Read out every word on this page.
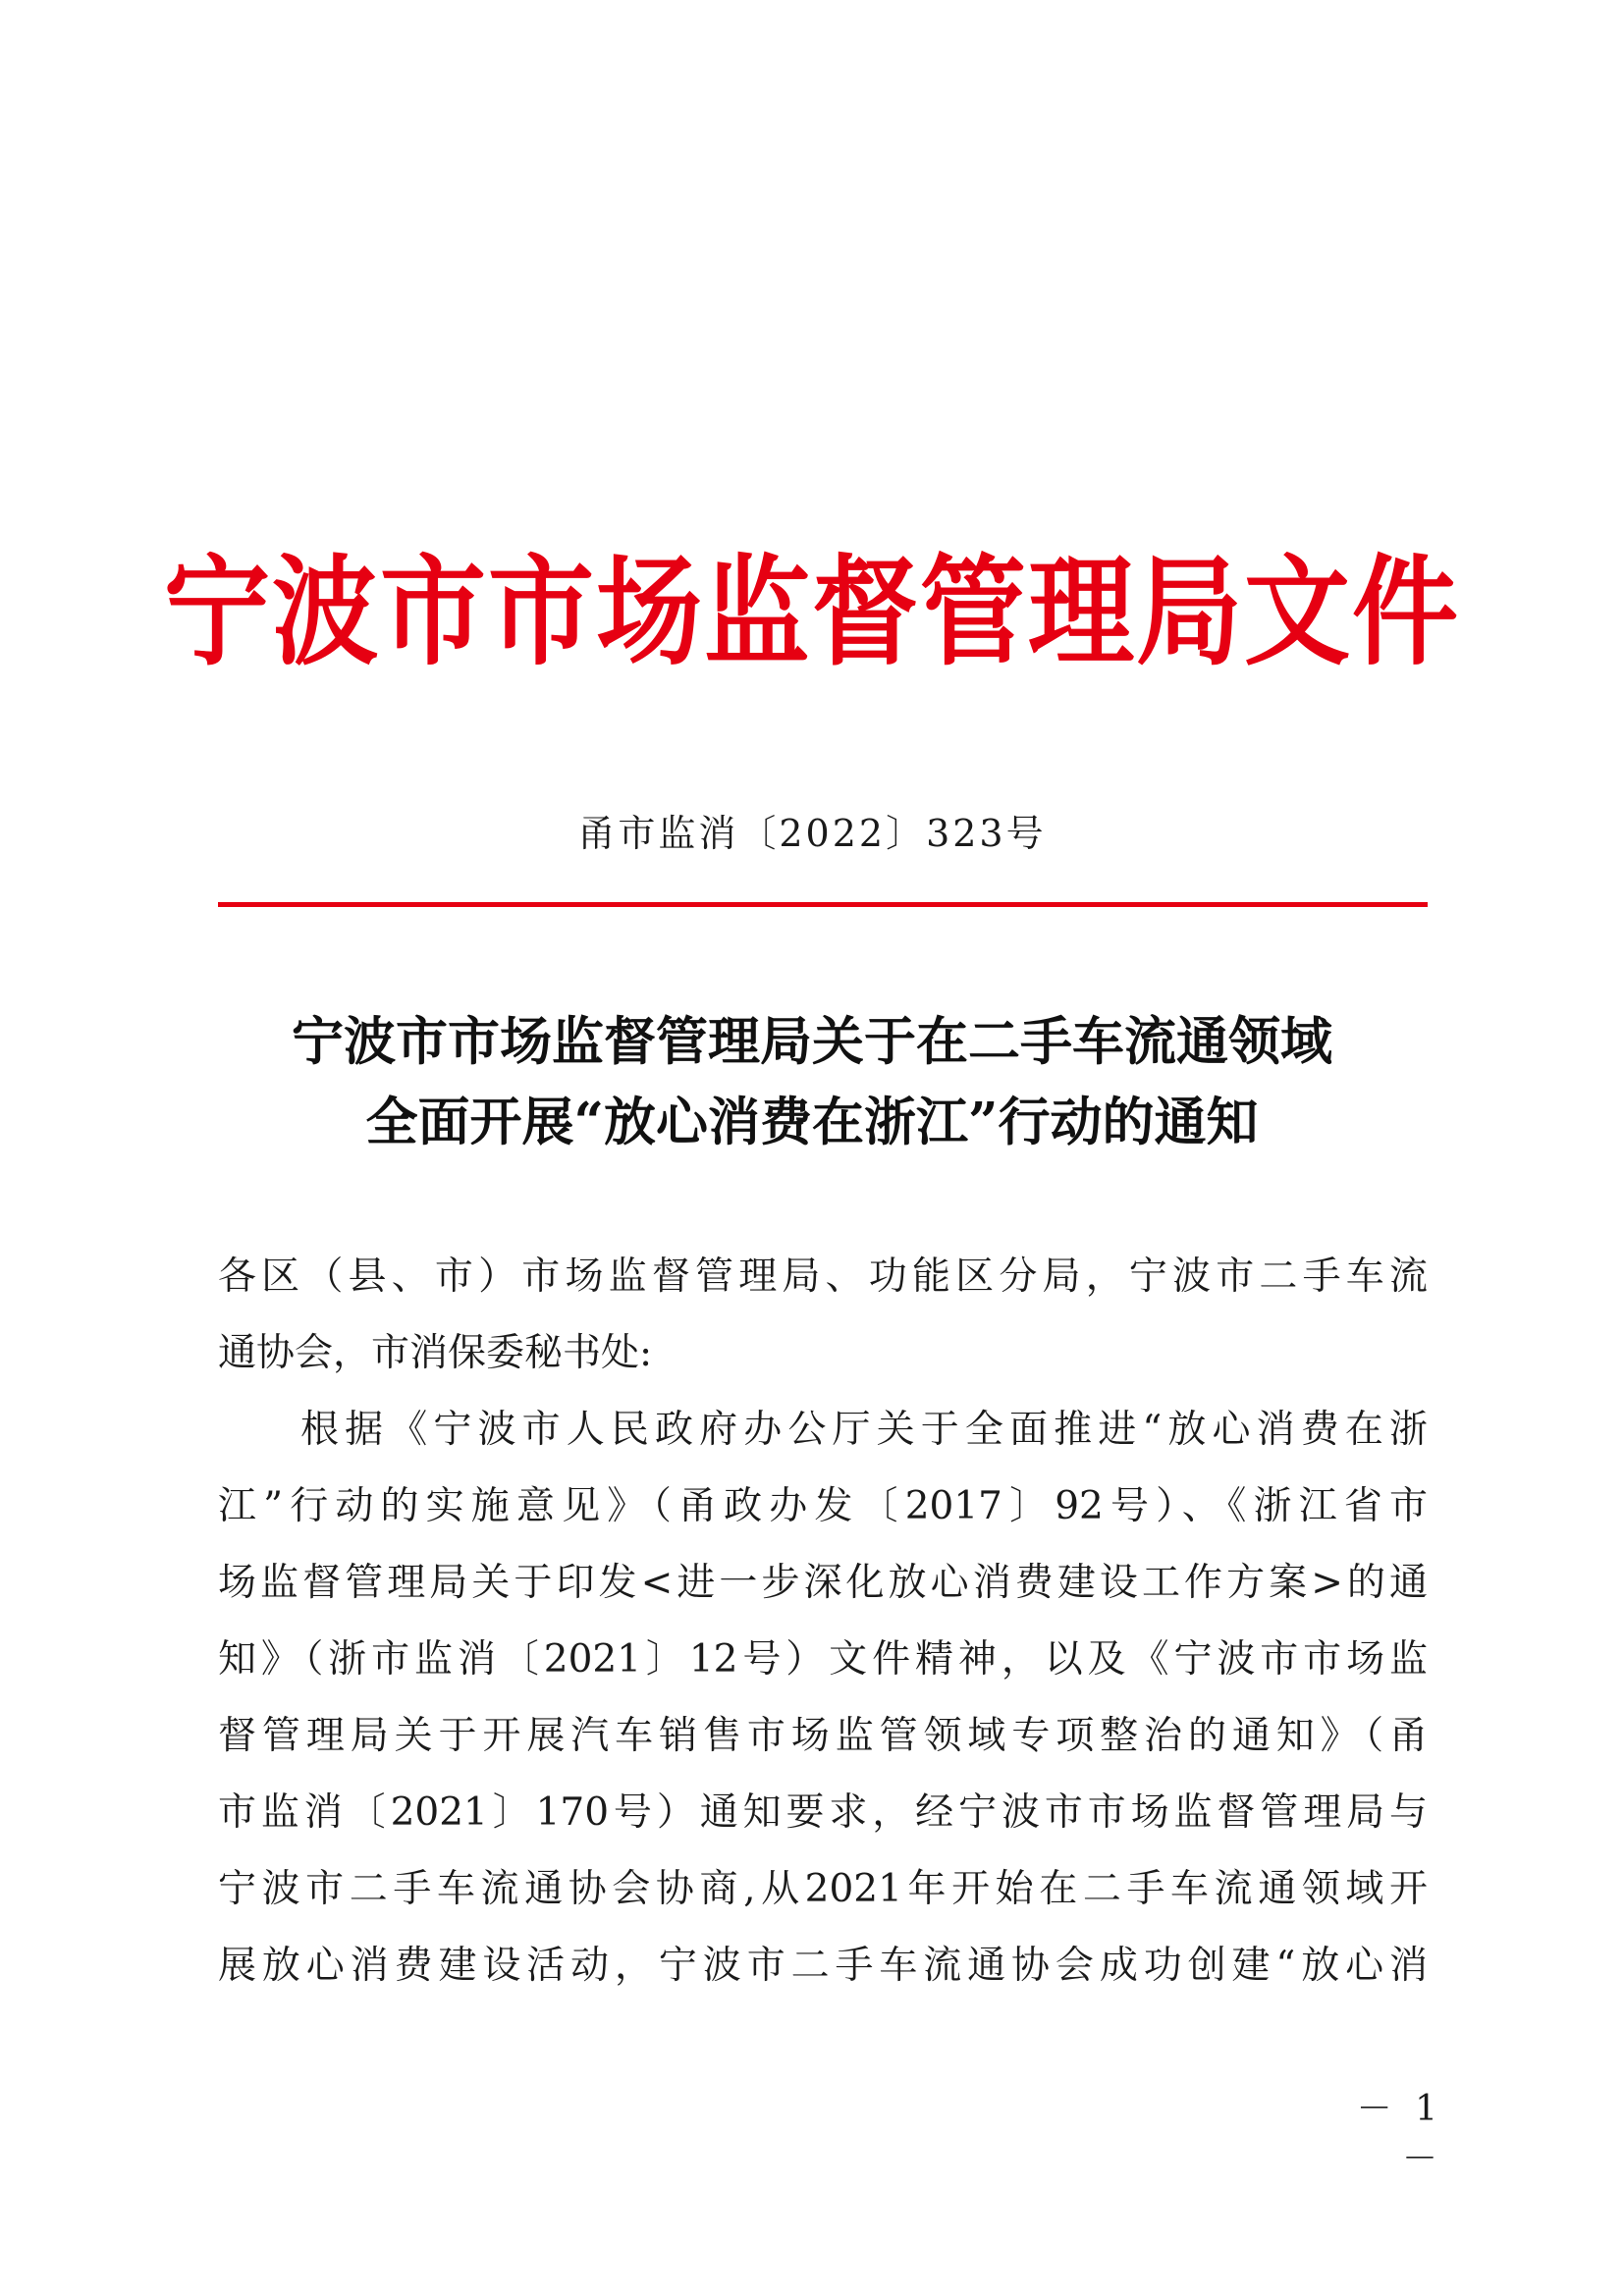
宁波市市场监督管理局文件
甬市监消〔2022〕323号
宁波市市场监督管理局关于在二手车流通领域
全面开展“放心消费在浙江”行动的通知
各区（县、市）市场监督管理局、功能区分局，宁波市二手车流
通协会，市消保委秘书处:
根据《宁波市人民政府办公厅关于全面推进“放心消费在浙
江”行动的实施意见》（甬政办发〔2017〕92号）、《浙江省市
场监督管理局关于印发<进一步深化放心消费建设工作方案>的通
知》（浙市监消〔2021〕12号）文件精神，以及《宁波市市场监
督管理局关于开展汽车销售市场监管领域专项整治的通知》（甬
市监消〔2021〕170号）通知要求，经宁波市市场监督管理局与
宁波市二手车流通协会协商,从2021年开始在二手车流通领域开
展放心消费建设活动，宁波市二手车流通协会成功创建“放心消
－ 1 －
